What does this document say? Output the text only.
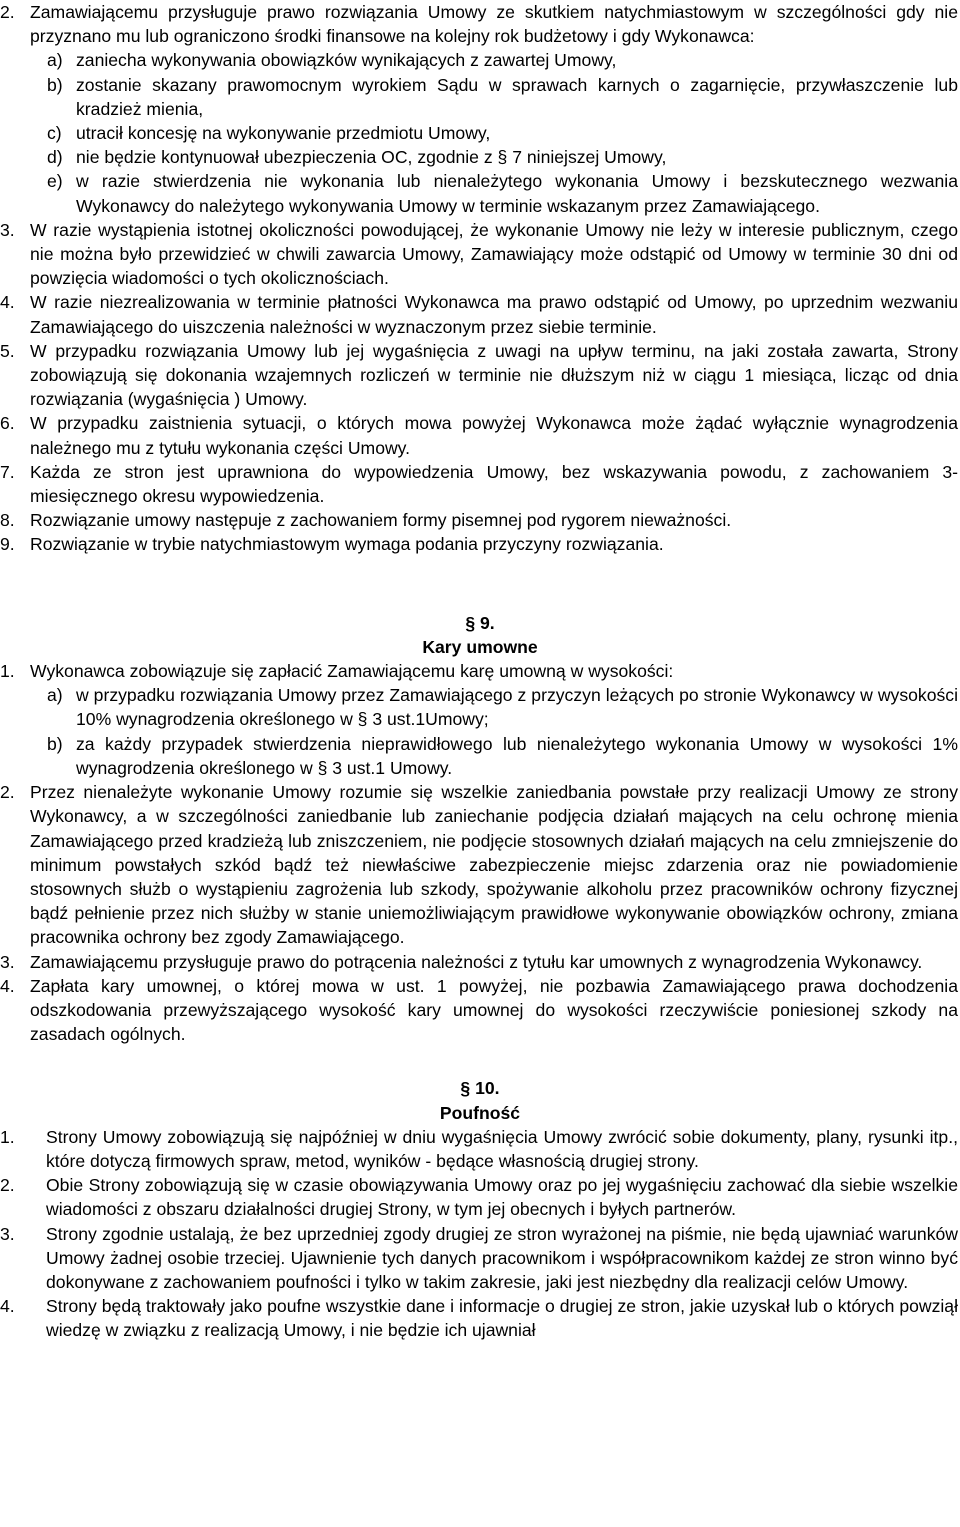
2. Zamawiającemu przysługuje prawo rozwiązania Umowy ze skutkiem natychmiastowym w szczególności gdy nie przyznano mu lub ograniczono środki finansowe na kolejny rok budżetowy i gdy Wykonawca:

a) zaniecha wykonywania obowiązków wynikających z zawartej Umowy,

b) zostanie skazany prawomocnym wyrokiem Sądu w sprawach karnych o zagarnięcie, przywłaszczenie lub kradzież mienia,

c) utracił koncesję na wykonywanie przedmiotu Umowy,

d) nie będzie kontynuował ubezpieczenia OC, zgodnie z § 7 niniejszej Umowy,

e) w razie stwierdzenia nie wykonania lub nienależytego wykonania Umowy i bezskutecznego wezwania Wykonawcy do należytego wykonywania Umowy w terminie wskazanym przez Zamawiającego.

3. W razie wystąpienia istotnej okoliczności powodującej, że wykonanie Umowy nie leży w interesie publicznym, czego nie można było przewidzieć w chwili zawarcia Umowy, Zamawiający może odstąpić od Umowy w terminie 30 dni od powzięcia wiadomości o tych okolicznościach.

4. W razie niezrealizowania w terminie płatności Wykonawca ma prawo odstąpić od Umowy, po uprzednim wezwaniu Zamawiającego do uiszczenia należności w wyznaczonym przez siebie terminie.

5. W przypadku rozwiązania Umowy lub jej wygaśnięcia z uwagi na upływ terminu, na jaki została zawarta, Strony zobowiązują się dokonania wzajemnych rozliczeń w terminie nie dłuższym niż w ciągu 1 miesiąca, licząc od dnia rozwiązania (wygaśnięcia ) Umowy.

6. W przypadku zaistnienia sytuacji, o których mowa powyżej Wykonawca może żądać wyłącznie wynagrodzenia należnego mu z tytułu wykonania części Umowy.

7. Każda ze stron jest uprawniona do wypowiedzenia Umowy, bez wskazywania powodu, z zachowaniem 3-miesięcznego okresu wypowiedzenia.

8. Rozwiązanie umowy następuje z zachowaniem formy pisemnej pod rygorem nieważności.

9. Rozwiązanie w trybie natychmiastowym wymaga podania przyczyny rozwiązania.

§ 9.

Kary umowne

1. Wykonawca zobowiązuje się zapłacić Zamawiającemu karę umowną w wysokości:

a) w przypadku rozwiązania Umowy przez Zamawiającego z przyczyn leżących po stronie Wykonawcy w wysokości 10% wynagrodzenia określonego w § 3 ust.1Umowy;

b) za każdy przypadek stwierdzenia nieprawidłowego lub nienależytego wykonania Umowy w wysokości 1% wynagrodzenia określonego w § 3 ust.1 Umowy.

2. Przez nienależyte wykonanie Umowy rozumie się wszelkie zaniedbania powstałe przy realizacji Umowy ze strony Wykonawcy, a w szczególności zaniedbanie lub zaniechanie podjęcia działań mających na celu ochronę mienia Zamawiającego przed kradzieżą lub zniszczeniem, nie podjęcie stosownych działań mających na celu zmniejszenie do minimum powstałych szkód bądź też niewłaściwe zabezpieczenie miejsc zdarzenia oraz nie powiadomienie stosownych służb o wystąpieniu zagrożenia lub szkody, spożywanie alkoholu przez pracowników ochrony fizycznej bądź pełnienie przez nich służby w stanie uniemożliwiającym prawidłowe wykonywanie obowiązków ochrony, zmiana pracownika ochrony bez zgody Zamawiającego.

3. Zamawiającemu przysługuje prawo do potrącenia należności z tytułu kar umownych z wynagrodzenia Wykonawcy.

4. Zapłata kary umownej, o której mowa w ust. 1 powyżej, nie pozbawia Zamawiającego prawa dochodzenia odszkodowania przewyższającego wysokość kary umownej do wysokości rzeczywiście poniesionej szkody na zasadach ogólnych.

§ 10.

Poufność

1. Strony Umowy zobowiązują się najpóźniej w dniu wygaśnięcia Umowy zwrócić sobie dokumenty, plany, rysunki itp., które dotyczą firmowych spraw, metod, wyników - będące własnością drugiej strony.

2. Obie Strony zobowiązują się w czasie obowiązywania Umowy oraz po jej wygaśnięciu zachować dla siebie wszelkie wiadomości z obszaru działalności drugiej Strony, w tym jej obecnych i byłych partnerów.

3. Strony zgodnie ustalają, że bez uprzedniej zgody drugiej ze stron wyrażonej na piśmie, nie będą ujawniać warunków Umowy żadnej osobie trzeciej. Ujawnienie tych danych pracownikom i współpracownikom każdej ze stron winno być dokonywane z zachowaniem poufności i tylko w takim zakresie, jaki jest niezbędny dla realizacji celów Umowy.

4. Strony będą traktowały jako poufne wszystkie dane i informacje o drugiej ze stron, jakie uzyskał lub o których powziął wiedzę w związku z realizacją Umowy, i nie będzie ich ujawniał
